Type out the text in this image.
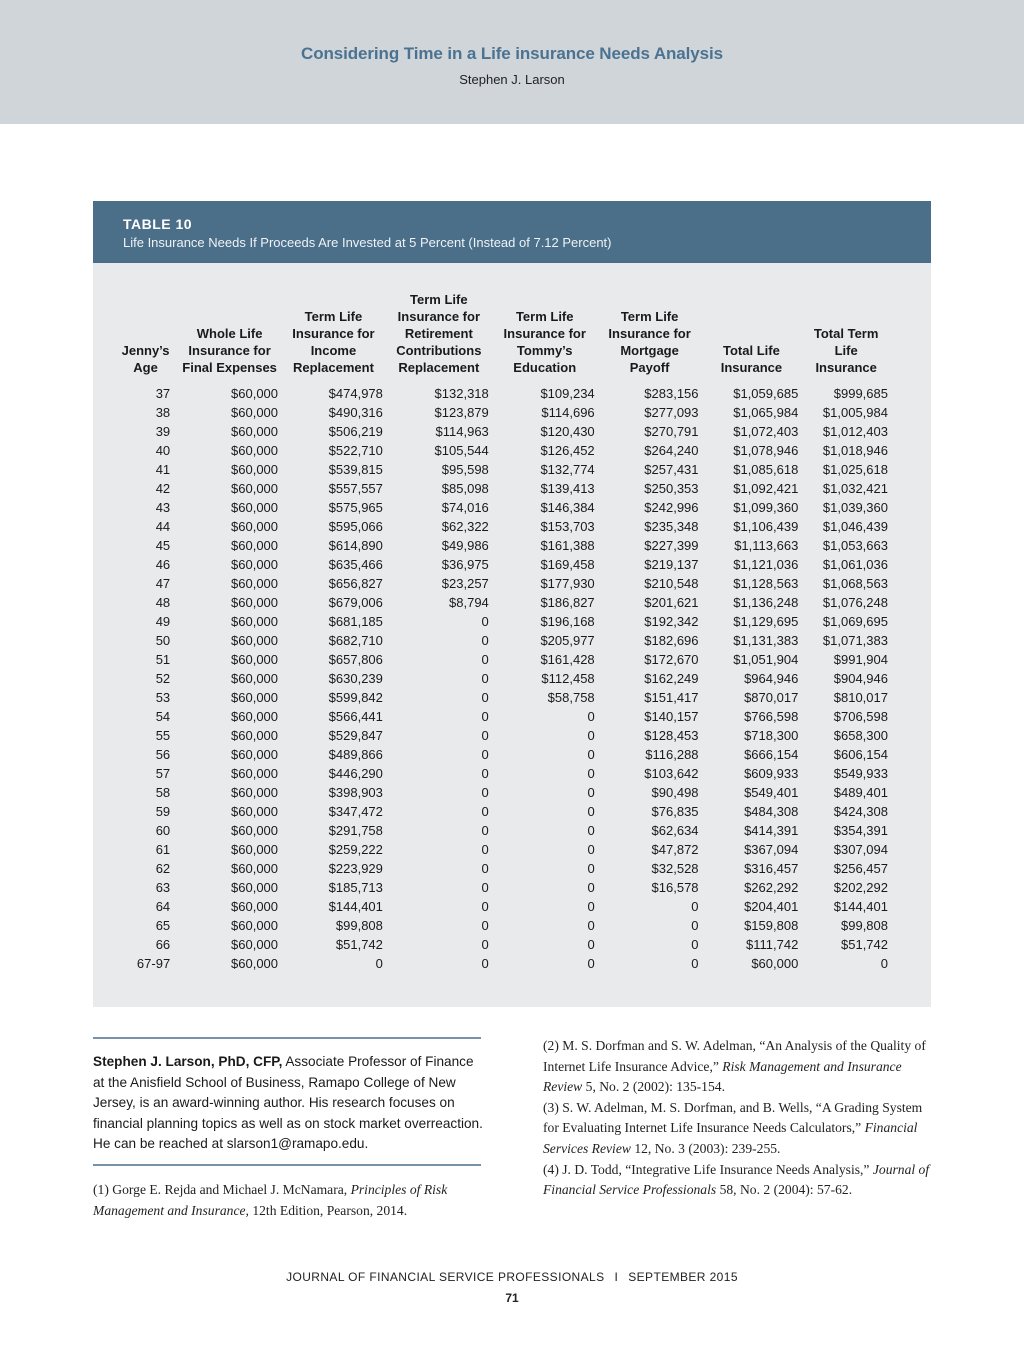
Considering Time in a Life insurance Needs Analysis
Stephen J. Larson
TABLE 10
Life Insurance Needs If Proceeds Are Invested at 5 Percent (Instead of 7.12 Percent)
Jenny’s
Age	Whole Life
Insurance for
Final Expenses	Term Life
Insurance for
Income
Replacement	Term Life
Insurance for
Retirement
Contributions
Replacement	Term Life
Insurance for
Tommy’s
Education	Term Life
Insurance for
Mortgage
Payoff	Total Life
Insurance	Total Term
Life
Insurance
37	$60,000	$474,978	$132,318	$109,234	$283,156	$1,059,685	$999,685
38	$60,000	$490,316	$123,879	$114,696	$277,093	$1,065,984	$1,005,984
39	$60,000	$506,219	$114,963	$120,430	$270,791	$1,072,403	$1,012,403
40	$60,000	$522,710	$105,544	$126,452	$264,240	$1,078,946	$1,018,946
41	$60,000	$539,815	$95,598	$132,774	$257,431	$1,085,618	$1,025,618
42	$60,000	$557,557	$85,098	$139,413	$250,353	$1,092,421	$1,032,421
43	$60,000	$575,965	$74,016	$146,384	$242,996	$1,099,360	$1,039,360
44	$60,000	$595,066	$62,322	$153,703	$235,348	$1,106,439	$1,046,439
45	$60,000	$614,890	$49,986	$161,388	$227,399	$1,113,663	$1,053,663
46	$60,000	$635,466	$36,975	$169,458	$219,137	$1,121,036	$1,061,036
47	$60,000	$656,827	$23,257	$177,930	$210,548	$1,128,563	$1,068,563
48	$60,000	$679,006	$8,794	$186,827	$201,621	$1,136,248	$1,076,248
49	$60,000	$681,185	0	$196,168	$192,342	$1,129,695	$1,069,695
50	$60,000	$682,710	0	$205,977	$182,696	$1,131,383	$1,071,383
51	$60,000	$657,806	0	$161,428	$172,670	$1,051,904	$991,904
52	$60,000	$630,239	0	$112,458	$162,249	$964,946	$904,946
53	$60,000	$599,842	0	$58,758	$151,417	$870,017	$810,017
54	$60,000	$566,441	0	0	$140,157	$766,598	$706,598
55	$60,000	$529,847	0	0	$128,453	$718,300	$658,300
56	$60,000	$489,866	0	0	$116,288	$666,154	$606,154
57	$60,000	$446,290	0	0	$103,642	$609,933	$549,933
58	$60,000	$398,903	0	0	$90,498	$549,401	$489,401
59	$60,000	$347,472	0	0	$76,835	$484,308	$424,308
60	$60,000	$291,758	0	0	$62,634	$414,391	$354,391
61	$60,000	$259,222	0	0	$47,872	$367,094	$307,094
62	$60,000	$223,929	0	0	$32,528	$316,457	$256,457
63	$60,000	$185,713	0	0	$16,578	$262,292	$202,292
64	$60,000	$144,401	0	0	0	$204,401	$144,401
65	$60,000	$99,808	0	0	0	$159,808	$99,808
66	$60,000	$51,742	0	0	0	$111,742	$51,742
67-97	$60,000	0	0	0	0	$60,000	0
Stephen J. Larson, PhD, CFP, Associate Professor of Finance at the Anisfield School of Business, Ramapo College of New Jersey, is an award-winning author. His research focuses on financial planning topics as well as on stock market overreaction. He can be reached at slarson1@ramapo.edu.
(1) Gorge E. Rejda and Michael J. McNamara, Principles of Risk Management and Insurance, 12th Edition, Pearson, 2014.

(2) M. S. Dorfman and S. W. Adelman, “An Analysis of the Quality of Internet Life Insurance Advice,” Risk Management and Insurance Review 5, No. 2 (2002): 135-154.

(3) S. W. Adelman, M. S. Dorfman, and B. Wells, “A Grading System for Evaluating Internet Life Insurance Needs Calculators,” Financial Services Review 12, No. 3 (2003): 239-255.

(4) J. D. Todd, “Integrative Life Insurance Needs Analysis,” Journal of Financial Service Professionals 58, No. 2 (2004): 57-62.

JOURNAL OF FINANCIAL SERVICE PROFESSIONALS I SEPTEMBER 2015
71
